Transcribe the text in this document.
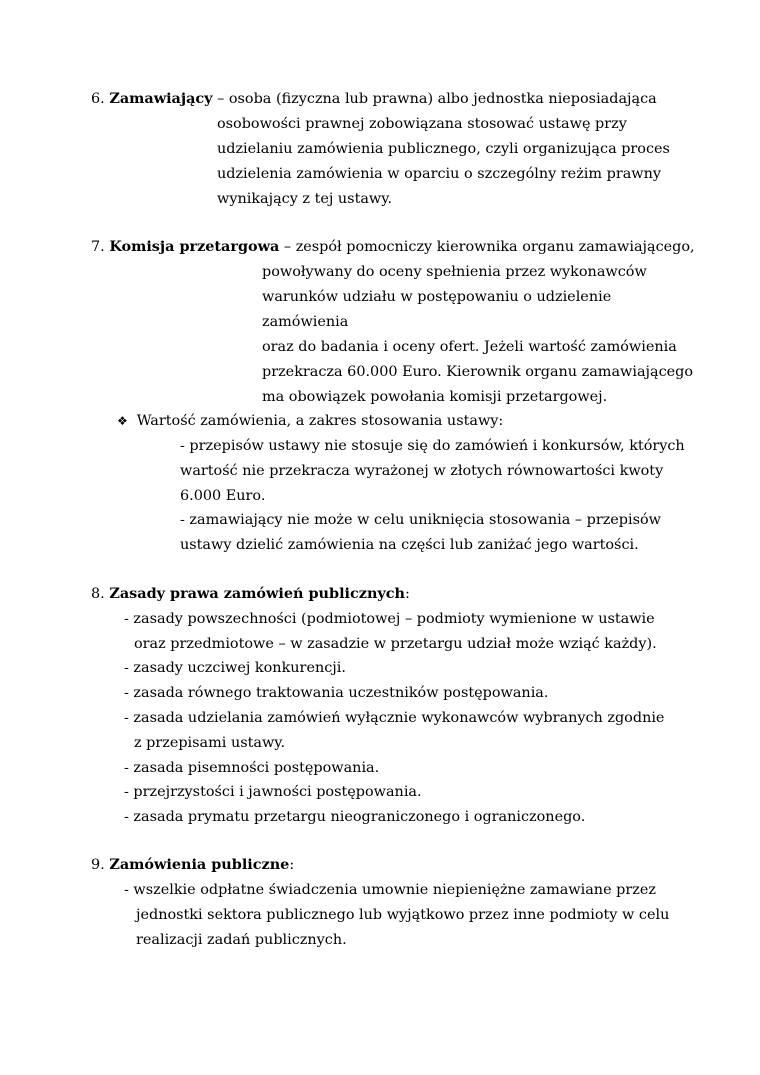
6. Zamawiający – osoba (fizyczna lub prawna) albo jednostka nieposiadająca
osobowości prawnej zobowiązana stosować ustawę przy
udzielaniu zamówienia publicznego, czyli organizująca proces
udzielenia zamówienia w oparciu o szczególny reżim prawny
wynikający z tej ustawy.
7. Komisja przetargowa – zespół pomocniczy kierownika organu zamawiającego,
powoływany do oceny spełnienia przez wykonawców
warunków udziału w postępowaniu o udzielenie
zamówienia
oraz do badania i oceny ofert. Jeżeli wartość zamówienia
przekracza 60.000 Euro. Kierownik organu zamawiającego
ma obowiązek powołania komisji przetargowej.
❖ Wartość zamówienia, a zakres stosowania ustawy:
- przepisów ustawy nie stosuje się do zamówień i konkursów, których
wartość nie przekracza wyrażonej w złotych równowartości kwoty
6.000 Euro.
- zamawiający nie może w celu uniknięcia stosowania – przepisów
ustawy dzielić zamówienia na części lub zaniżać jego wartości.
8. Zasady prawa zamówień publicznych:
- zasady powszechności (podmiotowej – podmioty wymienione w ustawie
oraz przedmiotowe – w zasadzie w przetargu udział może wziąć każdy).
- zasady uczciwej konkurencji.
- zasada równego traktowania uczestników postępowania.
- zasada udzielania zamówień wyłącznie wykonawców wybranych zgodnie
z przepisami ustawy.
- zasada pisemności postępowania.
- przejrzystości i jawności postępowania.
- zasada prymatu przetargu nieograniczonego i ograniczonego.
9. Zamówienia publiczne:
- wszelkie odpłatne świadczenia umownie niepieniężne zamawiane przez
jednostki sektora publicznego lub wyjątkowo przez inne podmioty w celu
realizacji zadań publicznych.
